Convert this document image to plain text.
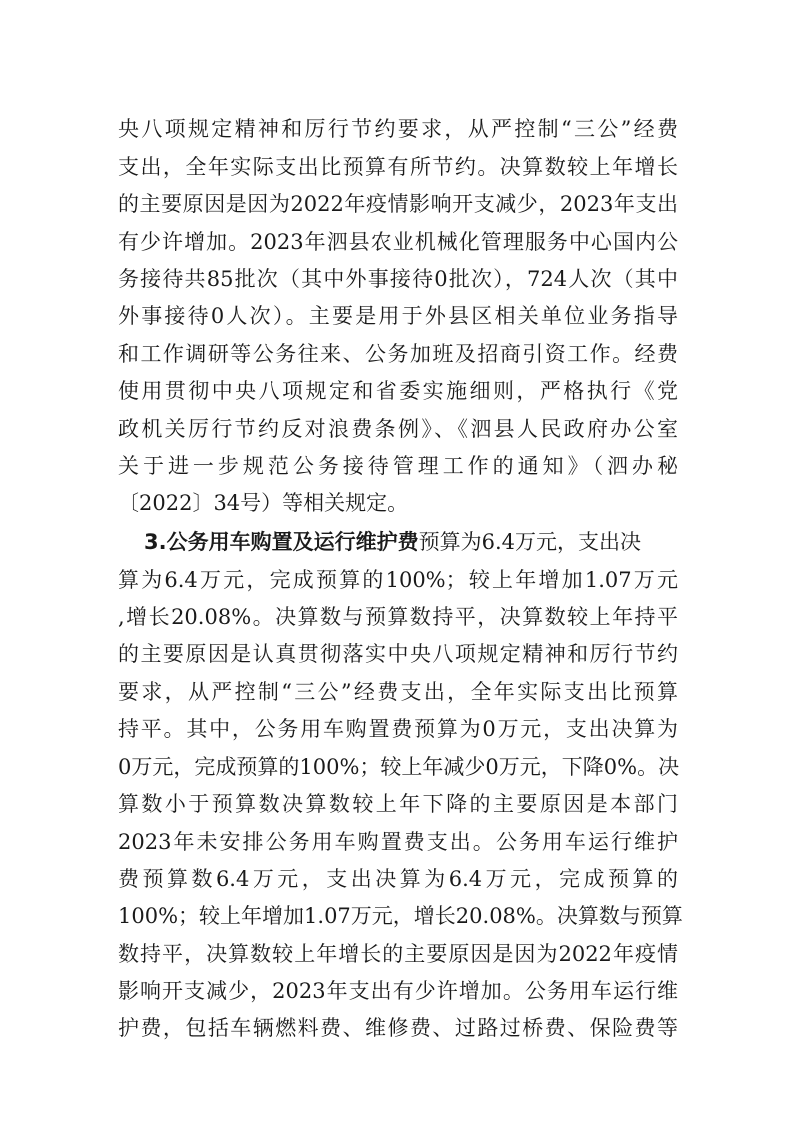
央八项规定精神和厉行节约要求，从严控制“三公”经费
支出，全年实际支出比预算有所节约。决算数较上年增长
的主要原因是因为2022年疫情影响开支减少，2023年支出
有少许增加。2023年泗县农业机械化管理服务中心国内公
务接待共85批次（其中外事接待0批次），724人次（其中
外事接待0人次）。主要是用于外县区相关单位业务指导
和工作调研等公务往来、公务加班及招商引资工作。经费
使用贯彻中央八项规定和省委实施细则，严格执行《党
政机关厉行节约反对浪费条例》、《泗县人民政府办公室
关于进一步规范公务接待管理工作的通知》（泗办秘
〔2022〕34号）等相关规定。
3.公务用车购置及运行维护费预算为6.4万元，支出决
算为6.4万元，完成预算的100%；较上年增加1.07万元
,增长20.08%。决算数与预算数持平，决算数较上年持平
的主要原因是认真贯彻落实中央八项规定精神和厉行节约
要求，从严控制“三公”经费支出，全年实际支出比预算
持平。其中，公务用车购置费预算为0万元，支出决算为
0万元，完成预算的100%；较上年减少0万元，下降0%。决
算数小于预算数决算数较上年下降的主要原因是本部门
2023年未安排公务用车购置费支出。公务用车运行维护
费预算数6.4万元，支出决算为6.4万元，完成预算的
100%；较上年增加1.07万元，增长20.08%。决算数与预算
数持平，决算数较上年增长的主要原因是因为2022年疫情
影响开支减少，2023年支出有少许增加。公务用车运行维
护费，包括车辆燃料费、维修费、过路过桥费、保险费等
